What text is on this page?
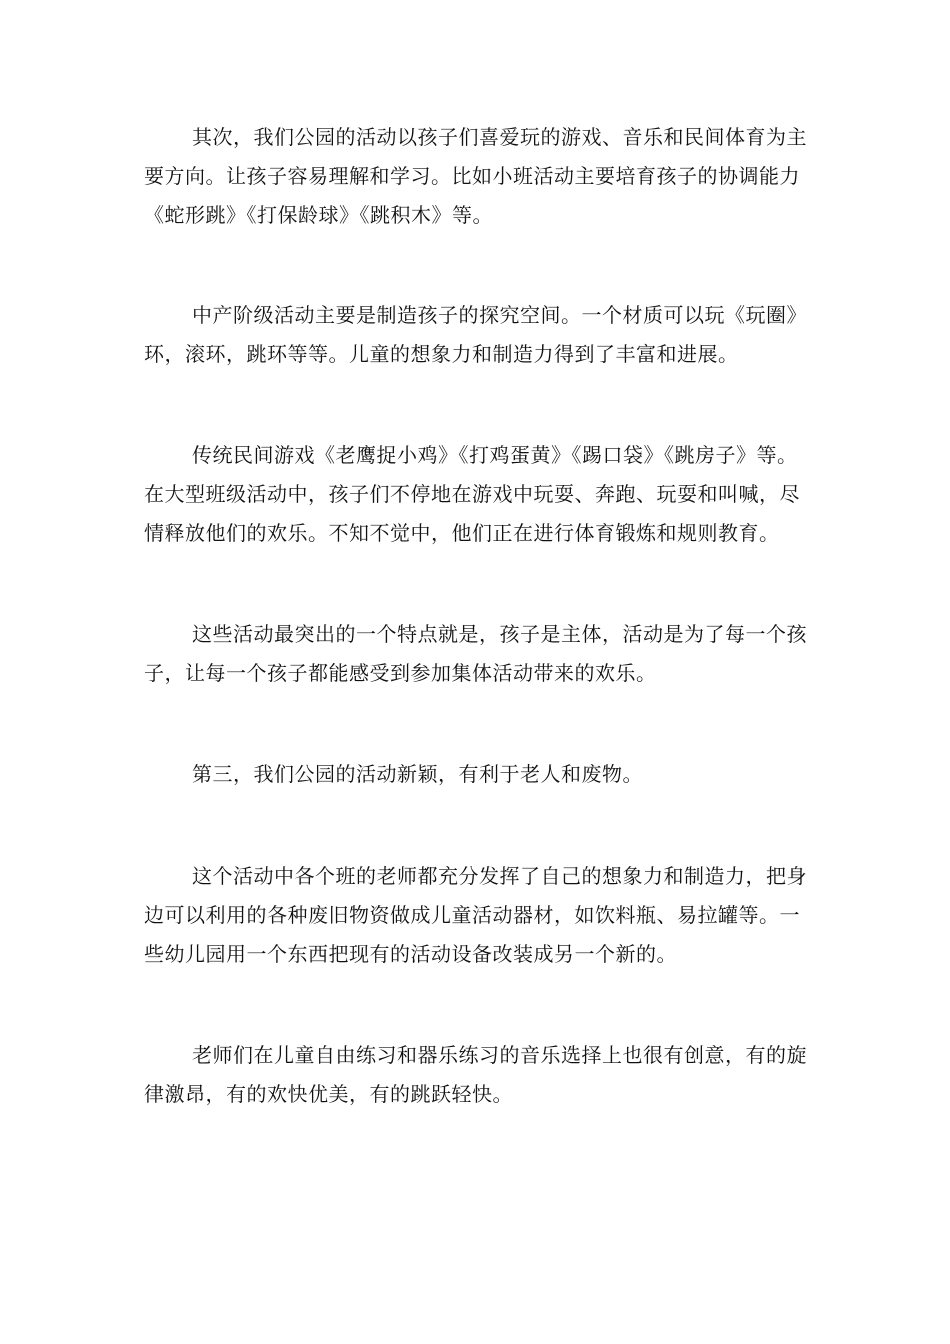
其次，我们公园的活动以孩子们喜爱玩的游戏、音乐和民间体育为主要方向。让孩子容易理解和学习。比如小班活动主要培育孩子的协调能力《蛇形跳》《打保龄球》《跳积木》等。

中产阶级活动主要是制造孩子的探究空间。一个材质可以玩《玩圈》环，滚环，跳环等等。儿童的想象力和制造力得到了丰富和进展。

传统民间游戏《老鹰捉小鸡》《打鸡蛋黄》《踢口袋》《跳房子》等。在大型班级活动中，孩子们不停地在游戏中玩耍、奔跑、玩耍和叫喊，尽情释放他们的欢乐。不知不觉中，他们正在进行体育锻炼和规则教育。

这些活动最突出的一个特点就是，孩子是主体，活动是为了每一个孩子，让每一个孩子都能感受到参加集体活动带来的欢乐。

第三，我们公园的活动新颖，有利于老人和废物。

这个活动中各个班的老师都充分发挥了自己的想象力和制造力，把身边可以利用的各种废旧物资做成儿童活动器材，如饮料瓶、易拉罐等。一些幼儿园用一个东西把现有的活动设备改装成另一个新的。

老师们在儿童自由练习和器乐练习的音乐选择上也很有创意，有的旋律激昂，有的欢快优美，有的跳跃轻快。
